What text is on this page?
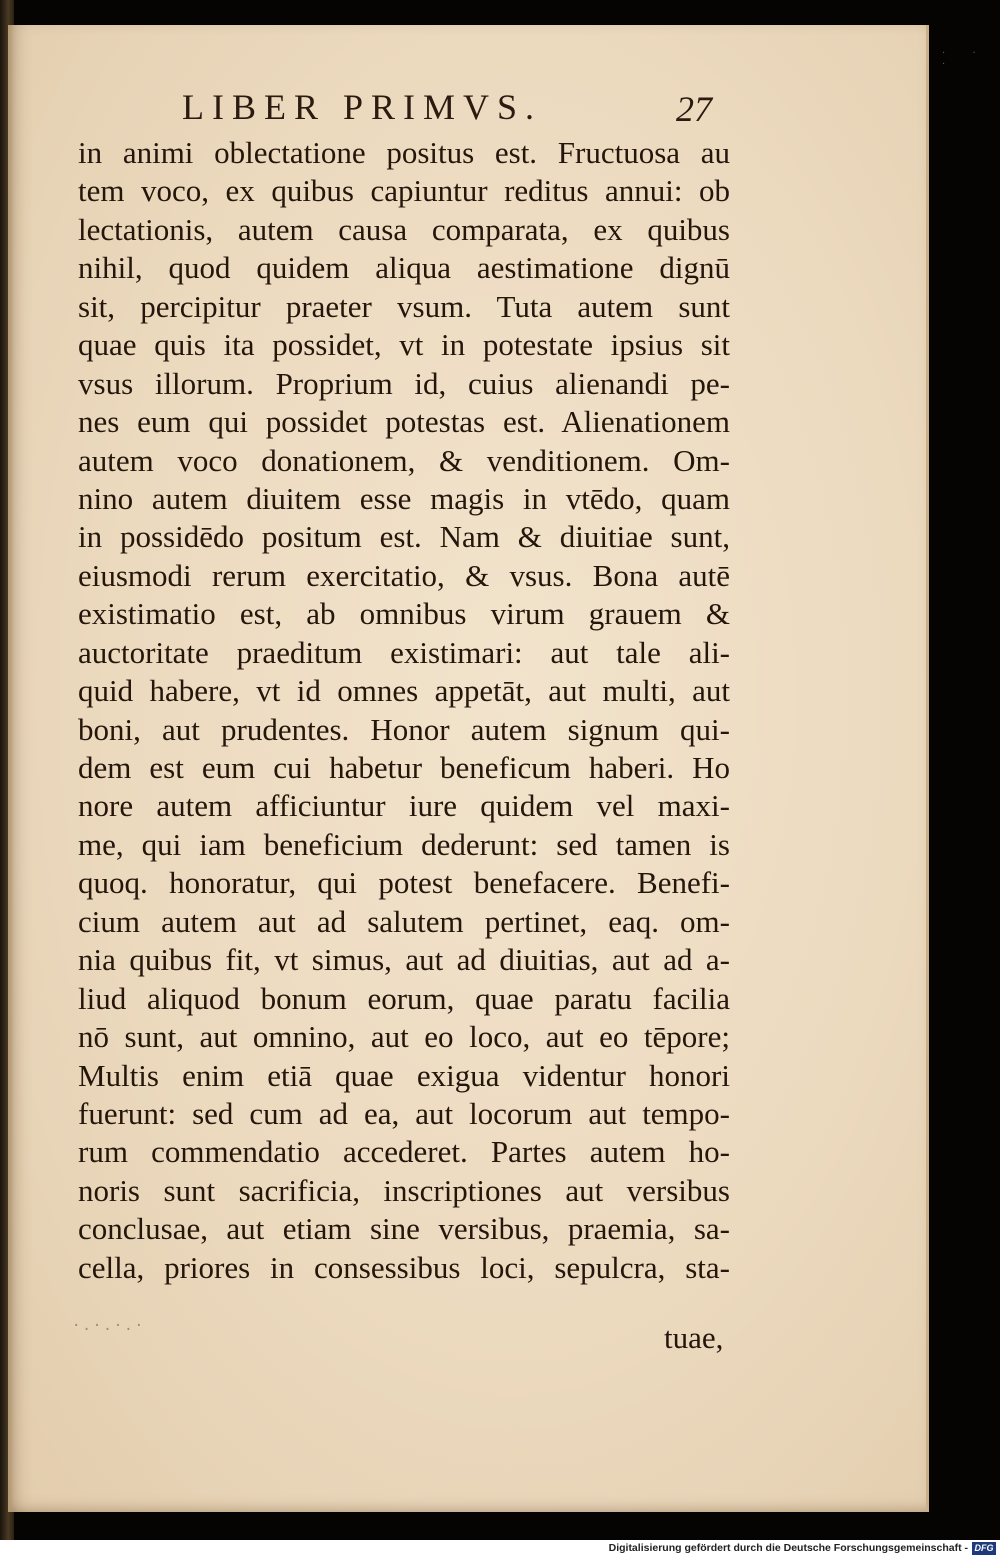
· · ·
LIBER PRIMVS.	27
in animi oblectatione positus est. Fructuosa au
tem voco, ex quibus capiuntur reditus annui: ob
lectationis, autem causa comparata, ex quibus
nihil, quod quidem aliqua aestimatione dignū
sit, percipitur praeter vsum. Tuta autem sunt
quae quis ita possidet, vt in potestate ipsius sit
vsus illorum. Proprium id, cuius alienandi pe-
nes eum qui possidet potestas est. Alienationem
autem voco donationem, & venditionem. Om-
nino autem diuitem esse magis in vtēdo, quam
in possidēdo positum est. Nam & diuitiae sunt,
eiusmodi rerum exercitatio, & vsus. Bona autē
existimatio est, ab omnibus virum grauem &
auctoritate praeditum existimari: aut tale ali-
quid habere, vt id omnes appetāt, aut multi, aut
boni, aut prudentes. Honor autem signum qui-
dem est eum cui habetur beneficum haberi. Ho
nore autem afficiuntur iure quidem vel maxi-
me, qui iam beneficium dederunt: sed tamen is
quoq. honoratur, qui potest benefacere. Benefi-
cium autem aut ad salutem pertinet, eaq. om-
nia quibus fit, vt simus, aut ad diuitias, aut ad a-
liud aliquod bonum eorum, quae paratu facilia
nō sunt, aut omnino, aut eo loco, aut eo tēpore;
Multis enim etiā quae exigua videntur honori
fuerunt: sed cum ad ea, aut locorum aut tempo-
rum commendatio accederet. Partes autem ho-
noris sunt sacrificia, inscriptiones aut versibus
conclusae, aut etiam sine versibus, praemia, sa-
cella, priores in consessibus loci, sepulcra, sta-
·.·.·.·	tuae,
Digitalisierung gefördert durch die Deutsche Forschungsgemeinschaft - DFG
